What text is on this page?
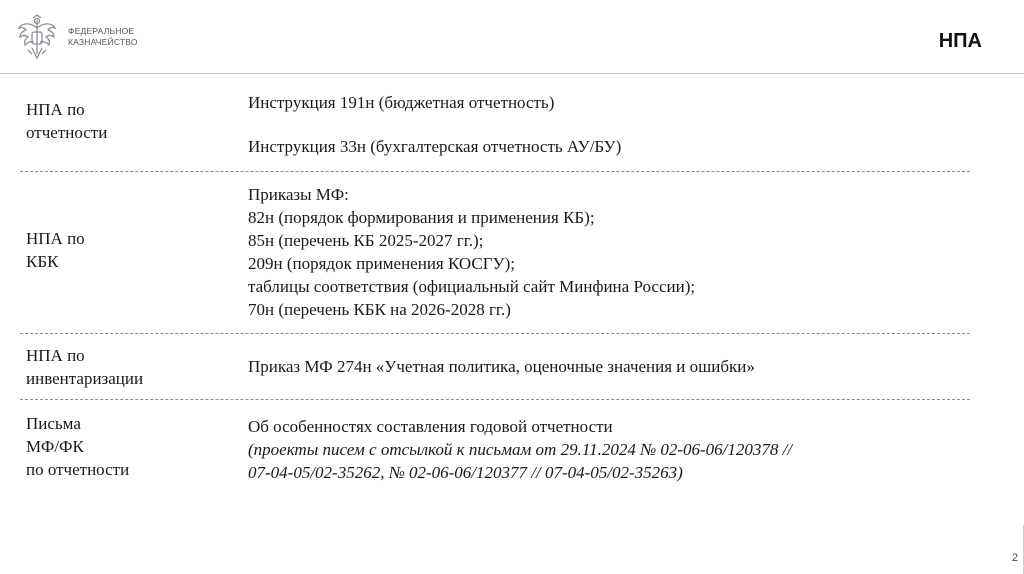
ФЕДЕРАЛЬНОЕ
КАЗНАЧЕЙСТВО	НПА
НПА по
отчетности

Инструкция 191н (бюджетная отчетность)

Инструкция 33н (бухгалтерская отчетность АУ/БУ)

НПА по
КБК

Приказы МФ:

82н (порядок формирования и применения КБ);

85н (перечень КБ 2025-2027 гг.);

209н (порядок применения КОСГУ);

таблицы соответствия (официальный сайт Минфина России);

70н (перечень КБК на 2026-2028 гг.)

НПА по
инвентаризации

Приказ МФ 274н «Учетная политика, оценочные значения и ошибки»

Письма
МФ/ФК
по отчетности

Об особенностях составления годовой отчетности

(проекты писем с отсылкой к письмам от 29.11.2024 № 02-06-06/120378 //

07-04-05/02-35262, № 02-06-06/120377 // 07-04-05/02-35263)

2
